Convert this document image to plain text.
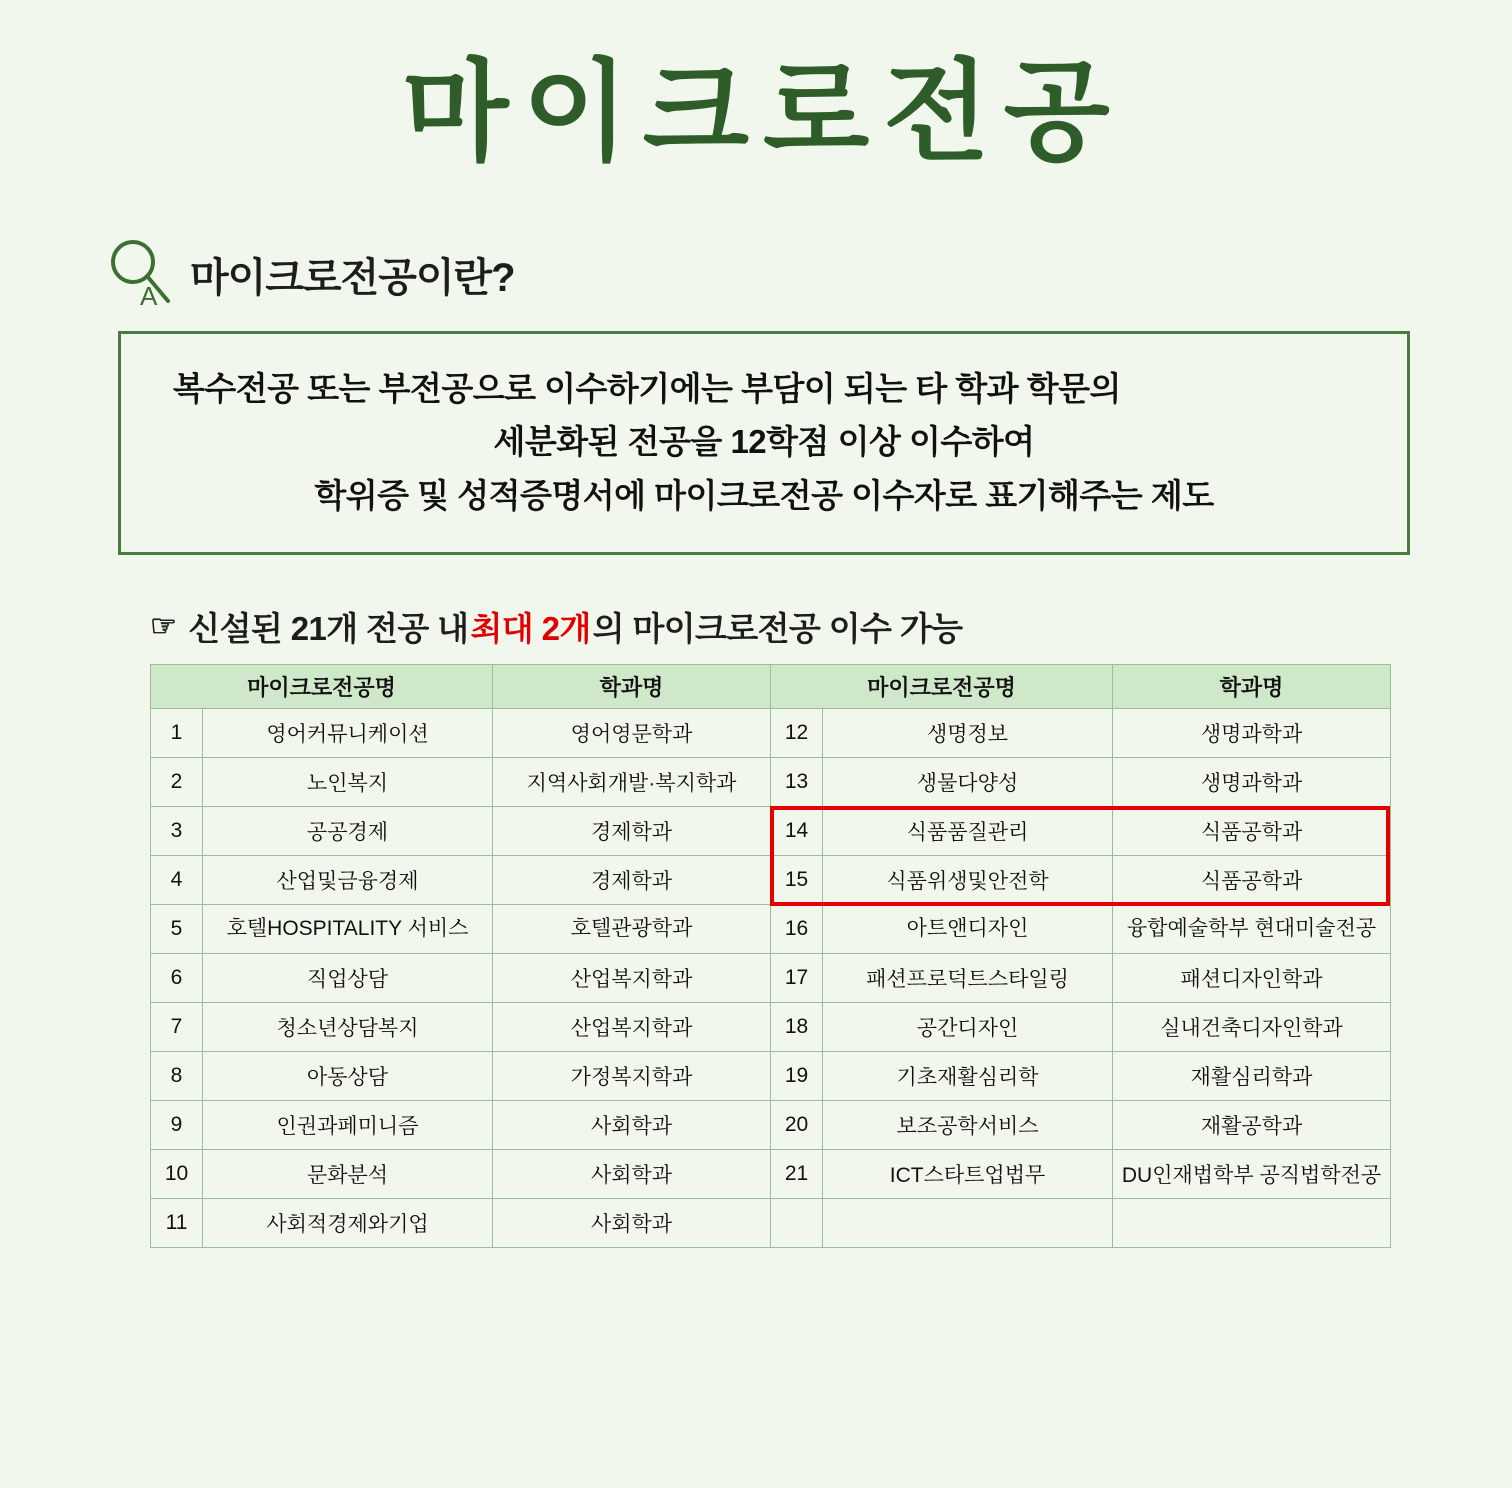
마이크로전공
A 마이크로전공이란?

복수전공 또는 부전공으로 이수하기에는 부담이 되는 타 학과 학문의

세분화된 전공을 12학점 이상 이수하여

학위증 및 성적증명서에 마이크로전공 이수자로 표기해주는 제도

☞ 신설된 21개 전공 내 최대 2개 의 마이크로전공 이수 가능
마이크로전공명		학과명	마이크로전공명		학과명
1	영어커뮤니케이션	영어영문학과	12	생명정보	생명과학과
2	노인복지	지역사회개발·복지학과	13	생물다양성	생명과학과
3	공공경제	경제학과	14	식품품질관리	식품공학과
4	산업및금융경제	경제학과	15	식품위생및안전학	식품공학과
5	호텔HOSPITALITY 서비스	호텔관광학과	16	아트앤디자인	융합예술학부 현대미술전공
6	직업상담	산업복지학과	17	패션프로덕트스타일링	패션디자인학과
7	청소년상담복지	산업복지학과	18	공간디자인	실내건축디자인학과
8	아동상담	가정복지학과	19	기초재활심리학	재활심리학과
9	인권과페미니즘	사회학과	20	보조공학서비스	재활공학과
10	문화분석	사회학과	21	ICT스타트업법무	DU인재법학부 공직법학전공
11	사회적경제와기업	사회학과			
